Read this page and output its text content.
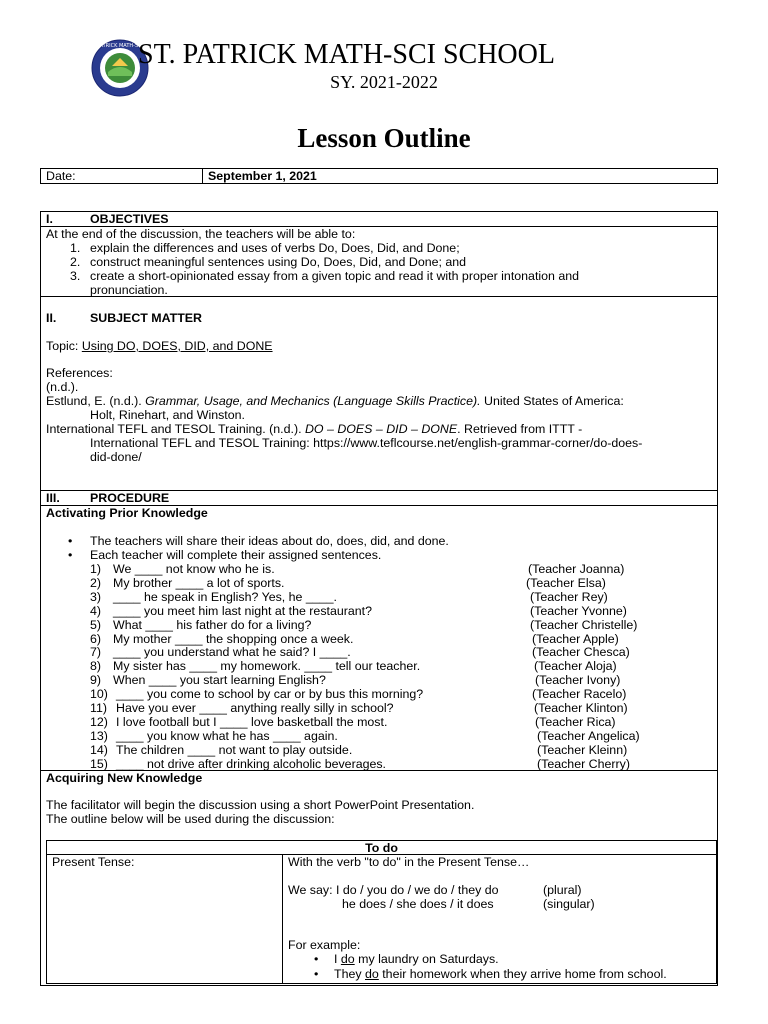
PATRICK MATH-SCI
ST. PATRICK MATH-SCI SCHOOL
SY. 2021-2022
Lesson Outline
Date:	September 1, 2021
I.	OBJECTIVES
At the end of the discussion, the teachers will be able to:
1. explain the differences and uses of verbs Do, Does, Did, and Done;
2. construct meaningful sentences using Do, Does, Did, and Done; and
3. create a short-opinionated essay from a given topic and read it with proper intonation and
pronunciation.
II.	SUBJECT MATTER
Topic: Using DO, DOES, DID, and DONE
References:
(n.d.).
Estlund, E. (n.d.). Grammar, Usage, and Mechanics (Language Skills Practice). United States of America:
Holt, Rinehart, and Winston.
International TEFL and TESOL Training. (n.d.). DO – DOES – DID – DONE. Retrieved from ITTT -
International TEFL and TESOL Training: https://www.teflcourse.net/english-grammar-corner/do-does-
did-done/
III. PROCEDURE
Activating Prior Knowledge
• The teachers will share their ideas about do, does, did, and done.
• Each teacher will complete their assigned sentences.
1) We ____ not know who he is.	(Teacher Joanna)
2) My brother ____ a lot of sports.	(Teacher Elsa)
3) ____ he speak in English? Yes, he ____.	(Teacher Rey)
4) ____ you meet him last night at the restaurant?	(Teacher Yvonne)
5) What ____ his father do for a living?	(Teacher Christelle)
6) My mother ____ the shopping once a week.	(Teacher Apple)
7) ____ you understand what he said? I ____.	(Teacher Chesca)
8) My sister has ____ my homework. ____ tell our teacher.	(Teacher Aloja)
9) When ____ you start learning English?	(Teacher Ivony)
10) ____ you come to school by car or by bus this morning?	(Teacher Racelo)
11) Have you ever ____ anything really silly in school?	(Teacher Klinton)
12) I love football but I ____ love basketball the most.	(Teacher Rica)
13) ____ you know what he has ____ again.	(Teacher Angelica)
14) The children ____ not want to play outside.	(Teacher Kleinn)
15) ____ not drive after drinking alcoholic beverages.	(Teacher Cherry)
Acquiring New Knowledge
The facilitator will begin the discussion using a short PowerPoint Presentation.
The outline below will be used during the discussion:
To do
Present Tense:	With the verb "to do" in the Present Tense…
We say: I do / you do / we do / they do	(plural)
he does / she does / it does	(singular)
For example:
• I do my laundry on Saturdays.
• They do their homework when they arrive home from school.
